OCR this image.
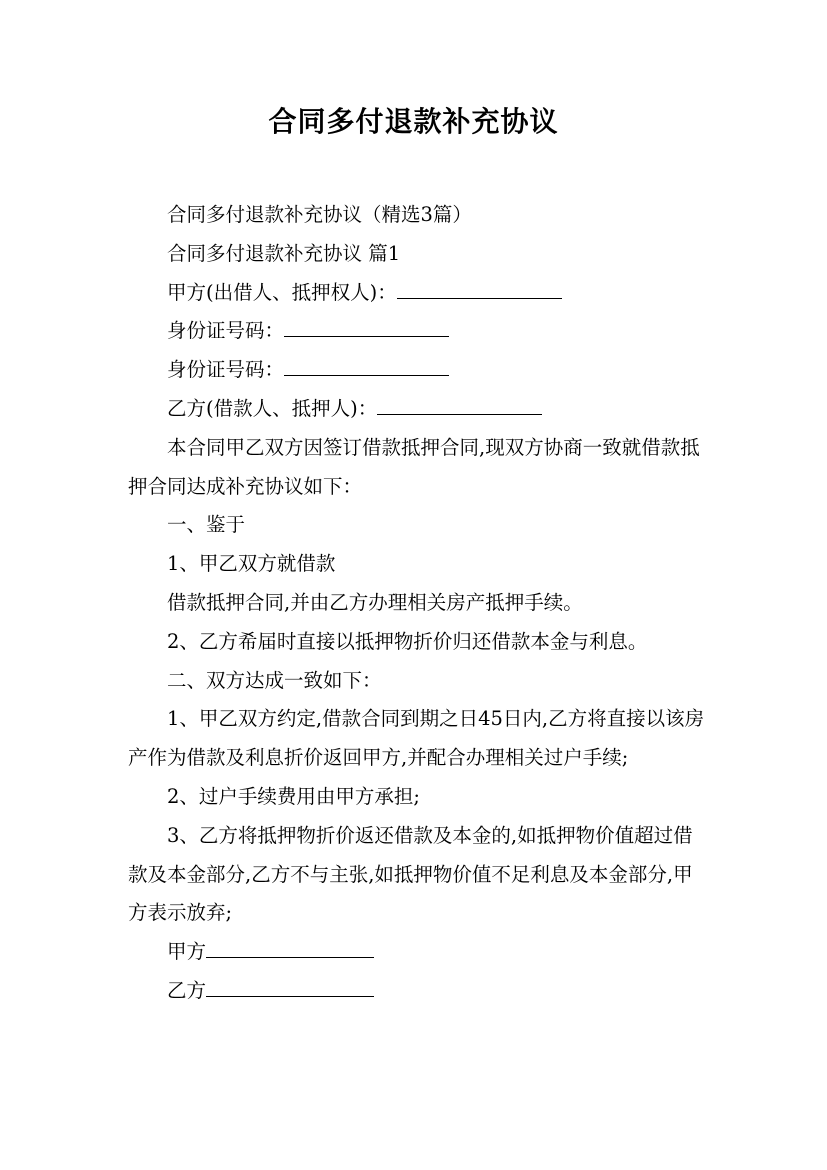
合同多付退款补充协议

合同多付退款补充协议（精选3篇）

合同多付退款补充协议 篇1

甲方(出借人、抵押权人)：

身份证号码：

身份证号码：

乙方(借款人、抵押人)：

本合同甲乙双方因签订借款抵押合同,现双方协商一致就借款抵押合同达成补充协议如下：

一、鉴于

1、甲乙双方就借款

借款抵押合同,并由乙方办理相关房产抵押手续。

2、乙方希届时直接以抵押物折价归还借款本金与利息。

二、双方达成一致如下：

1、甲乙双方约定,借款合同到期之日45日内,乙方将直接以该房产作为借款及利息折价返回甲方,并配合办理相关过户手续;

2、过户手续费用由甲方承担;

3、乙方将抵押物折价返还借款及本金的,如抵押物价值超过借款及本金部分,乙方不与主张,如抵押物价值不足利息及本金部分,甲方表示放弃;

甲方

乙方
